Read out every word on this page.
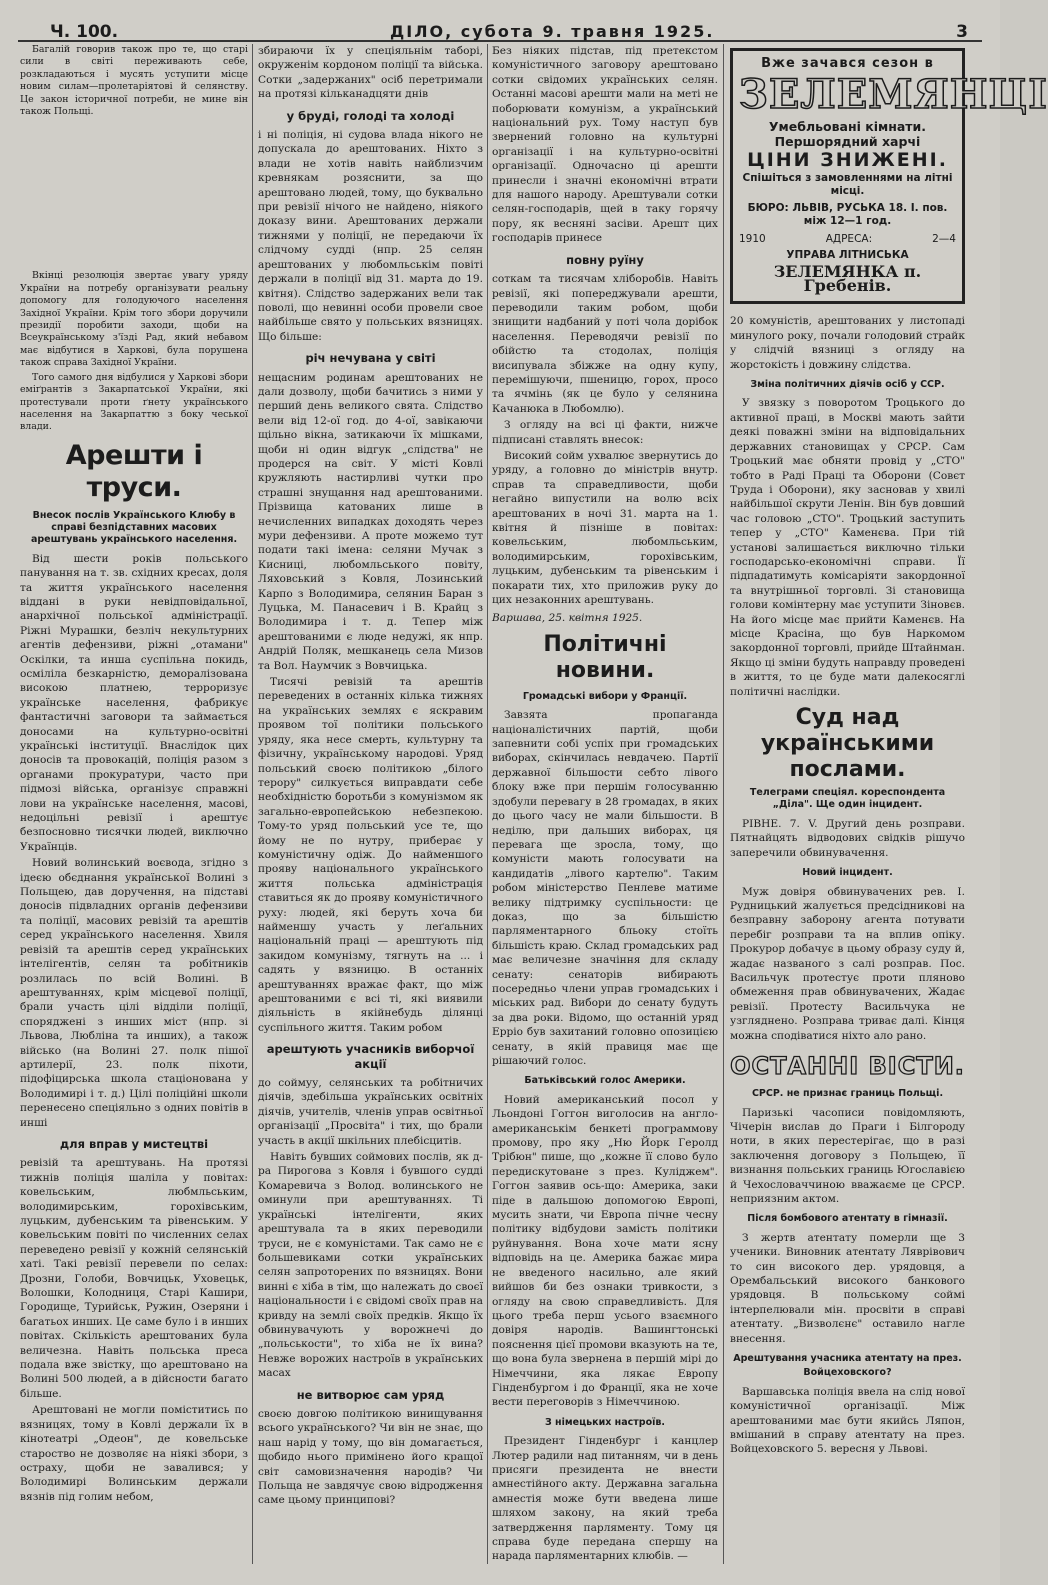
Ч. 100.	ДІЛО, субота 9. травня 1925.	3

Багалій говорив також про те, що старі сили в світі переживають себе, розкладаються і мусять уступити місце новим силам—пролетаріятові й селянству. Це закон історичної потреби, не мине він також Польщі.

Вкінці резолюція звертає увагу уряду України на потребу організувати реальну допомогу для голодуючого населення Західної України. Крім того збори доручили президії поробити заходи, щоби на Всеукраїнському з'їзді Рад, який небавом має відбутися в Харкові, була порушена також справа Західної України.

Того самого дня відбулися у Харкові збори еміґрантів з Закарпатської України, які протестували проти ґнету українського населення на Закарпаттю з боку чеської влади.

Арешти і труси.
Внесок послів Українського Клюбу в справі безпідставних масових арештувань українського населення.

Від шести років польського панування на т. зв. східних кресах, доля та життя українського населення віддані в руки невідповідальної, анархічної польської адміністрації. Ріжні Мурашки, безліч некультурних агентів дефензиви, ріжні „отамани" Оскілки, та инша суспільна покидь, осміліла безкарністю, деморалізована високою платнею, терроризує українське населення, фабрикує фантастичні заговори та займається доносами на культурно-освітні українські інституції. Внаслідок цих доносів та провокацій, поліція разом з органами прокуратури, часто при підмозі війська, організує справжні лови на українське населення, масові, недоцільні ревізії і арештує безпосновно тисячки людей, виключно Українців.

Новий волинський воєвода, згідно з ідеєю обєднання української Волині з Польщею, дав доручення, на підставі доносів підвладних органів дефензиви та поліції, масових ревізій та арештів серед українського населення. Хвиля ревізій та арештів серед українських інтелігентів, селян та робітників розлилась по всій Волині. В арештуваннях, крім місцевої поліції, брали участь цілі відділи поліції, споряджені з инших міст (нпр. зі Львова, Любліна та инших), а також військо (на Волині 27. полк пішої артилерії, 23. полк піхоти, підофіцирська школа стаціонована у Володимирі і т. д.) Цілі поліційні школи перенесено спеціяльно з одних повітів в инші

для вправ у мистецтві

ревізій та арештувань. На протязі тижнів поліція шаліла у повітах: ковельським, любмльським, володимирським, горохівським, луцьким, дубенським та рівенським. У ковельським повіті по численних селах переведено ревізії у кожній селянській хаті. Такі ревізії перевели по селах: Дрозни, Голоби, Вовчицьк, Уховецьк, Волошки, Колодниця, Старі Кашири, Городище, Турийськ, Ружин, Озеряни і багатьох инших. Це саме було і в инших повітах. Скількість арештованих була величезна. Навіть польська преса подала вже звістку, що арештовано на Волині 500 людей, а в дійсности багато більше.

Арештовані не могли поміститись по вязницях, тому в Ковлі держали їх в кінотеатрі „Одеон", де ковельське староство не дозволяє на ніякі збори, з остраху, щоби не завалився; у Володимирі Волинським держали вязнів під голим небом,

збираючи їх у спеціяльнім таборі, окруженім кордоном поліції та війська. Сотки „задержаних" осіб перетримали на протязі кільканадцяти днів

у бруді, голоді та холоді

і ні поліція, ні судова влада нікого не допускала до арештованих. Ніхто з влади не хотів навіть найблизчим кревнякам розяснити, за що арештовано людей, тому, що буквально при ревізії нічого не найдено, ніякого доказу вини. Арештованих держали тижнями у поліції, не передаючи їх слідчому судді (нпр. 25 селян арештованих у любомльськім повіті держали в поліції від 31. марта до 19. квітня). Слідство задержаних вели так поволі, що невинні особи провели свое найбільше свято у польських вязницях. Що більше:

річ нечувана у світі

нещасним родинам арештованих не дали дозволу, щоби бачитись з ними у перший день великого свята. Слідство вели від 12-ої год. до 4-ої, завікаючи щільно вікна, затикаючи їх мішками, щоби ні один відгук „слідства" не продерся на світ. У місті Ковлі кружляють настирливі чутки про страшні знущання над арештованими. Прізвища катованих лише в нечисленних випадках доходять через мури дефензиви. А проте можемо тут подати такі імена: селяни Мучак з Кисниці, любомльського повіту, Ляховський з Ковля, Лозинський Карпо з Володимира, селянин Баран з Луцька, М. Панасевич і В. Крайц з Володимира і т. д. Тепер між арештованими є люде недужі, як нпр. Андрій Поляк, мешканець села Мизов та Вол. Наумчик з Вовчицька.

Тисячі ревізій та арештів переведених в останніх кілька тижнях на українських землях є яскравим проявом тої політики польського уряду, яка несе смерть, культурну та фізичну, українському народові. Уряд польський своєю політикою „білого терору" силкується виправдати себе необхідністю боротьби з комунізмом як загально-европейською небезпекою. Тому-то уряд польський усе те, що йому не по нутру, приберає у комуністичну одіж. До найменшого прояву національного українського життя польська адміністрація ставиться як до прояву комуністичного руху: людей, які беруть хоча би найменшу участь у леґальних національній праці — арештують під закидом комунізму, тягнуть на ... і садять у вязницю. В останніх арештуваннях вражає факт, що між арештованими є всі ті, які виявили діяльність в якійнебудь ділянці суспільного життя. Таким робом

арештують учасників виборчої акції

до соймуу, селянських та робітничих діячів, здебільша українських освітніх діячів, учителів, членів управ освітньої організації „Просвіта" і тих, що брали участь в акції шкільних плебісцитів.

Навіть бувших соймових послів, як д-ра Пирогова з Ковля і бувшого судді Комаревича з Волод. волинського не оминули при арештуваннях. Ті українські інтелігенти, яких арештувала та в яких переводили труси, не є комуністами. Так само не є большевиками сотки українських селян запроторених по вязницях. Вони винні є хіба в тім, що належать до своєї національности і є свідомі своїх прав на кривду на землі своїх предків. Якщо їх обвинувачують у ворожнечі до „польськости", то хіба не їх вина? Невже ворожих настроїв в українських масах

не витворює сам уряд

своєю довгою політикою винищування всього українського? Чи він не знає, що наш нарід у тому, що він домагається, щобидо нього примінено його кращої світ самовизначення народів? Чи Польща не завдячує свою відродження саме цьому принципові?

Без ніяких підстав, під претекстом комуністичного заговору арештовано сотки свідомих українських селян. Останні масові арешти мали на меті не поборювати комунізм, а український національний рух. Тому наступ був звернений головно на культурні організації і на культурно-освітні організації. Одночасно ці арешти принесли і значні економічні втрати для нашого народу. Арештували сотки селян-господарів, щей в таку горячу пору, як весняні засіви. Арешт цих господарів принесе

повну руїну

соткам та тисячам хліборобів. Навіть ревізії, які попереджували арешти, переводили таким робом, щоби знищити надбаний у поті чола дорібок населення. Переводячи ревізії по обійстю та стодолах, поліція висипувала збіжже на одну купу, перемішуючи, пшеницю, горох, просо та ячмінь (як це було у селянина Качанюка в Любомлю).

З огляду на всі ці факти, нижче підписані ставлять внесок:

Високий сойм ухвалює звернутись до уряду, а головно до міністрів внутр. справ та справедливости, щоби негайно випустили на волю всіх арештованих в ночі 31. марта на 1. квітня й пізніше в повітах: ковельським, любомльським, володимирським, горохівським, луцьким, дубенським та рівенським і покарати тих, хто приложив руку до цих незаконних арештувань.

Варшава, 25. квітня 1925.

Політичні новини.
Громадські вибори у Франції.

Завзята пропаганда націоналістичних партій, щоби запевнити собі успіх при громадських виборах, скінчилась невдачею. Партії державної більшости себто лівого блоку вже при першім голосуванню здобули перевагу в 28 громадах, в яких до цього часу не мали більшости. В неділю, при дальших виборах, ця перевага ще зросла, тому, що комуністи мають голосувати на кандидатів „лівого картелю". Таким робом міністерство Пенлеве матиме велику підтримку суспільности: це доказ, що за більшістю парляментарного бльоку стоїть більшість краю. Склад громадських рад має величезне значіння для складу сенату: сенаторів вибирають посередньо члени управ громадських і міських рад. Вибори до сенату будуть за два роки. Відомо, що останній уряд Ерріо був захитаний головно опозицією сенату, в якій правиця має ще рішаючий голос.

Батьківський голос Америки.

Новий американський посол у Льондоні Гоггон виголосив на англо-американськім бенкеті программову промову, про яку „Ню Йорк Геролд Трібюн" пише, що „кожне її слово було передискутоване з през. Куліджем". Гоггон заявив ось-що: Америка, заки піде в дальшою допомогою Европі, мусить знати, чи Европа пічне чесну політику відбудови замість політики руйнування. Вона хоче мати ясну відповідь на це. Америка бажає мира не введеного насильно, але який вийшов би без ознаки тривкости, з огляду на свою справедливість. Для цього треба перш усього взаємного довіря народів. Вашингтонські пояснення цієї промови вказують на те, що вона була звернена в першій мірі до Німеччини, яка лякає Европу Гінденбургом і до Франції, яка не хоче вести переговорів з Німеччиною.

З німецьких настроїв.

Президент Гінденбург і канцлер Лютер радили над питанням, чи в день присяги президента не внести амнестійного акту. Державна загальна амнестія може бути введена лише шляхом закону, на який треба затвердження парляменту. Тому ця справа буде передана спершу на нарада парляментарних клюбів. —

Вже зачався сезон в
ЗЕЛЕМЯНЦІ
Умебльовані кімнати. Першорядний харчі
ЦІНИ ЗНИЖЕНІ.
Спішіться з замовленнями на літні місці.
БЮРО: ЛЬВІВ, РУСЬКА 18. І. пов. між 12—1 год.
1910	АДРЕСА:	2—4
УПРАВА ЛІТНИСЬКА
ЗЕЛЕМЯНКА п. Гребенів.

20 комуністів, арештованих у листопаді минулого року, почали голодовий страйк у слідчій вязниці з огляду на жорстокість і довжину слідства.

Зміна політичних діячів осіб у ССР.

У звязку з поворотом Троцького до активної праці, в Москві мають зайти деякі поважні зміни на відповідальних державних становищах у СРСР. Сам Троцький має обняти провід у „СТО" тобто в Раді Праці та Оборони (Совєт Труда і Оборони), яку засновав у хвилі найбільшої скрути Ленін. Він був довший час головою „СТО". Троцький заступить тепер у „СТО" Каменєва. При тій установі залишається виключно тільки господарсько-економічні справи. Її підпадатимуть комісаріяти закордонної та внутрішньої торговлі. Зі становища голови комінтерну має уступити Зіновєв. На його місце має прийти Каменєв. На місце Красіна, що був Наркомом закордонної торговлі, прийде Штайнман. Якщо ці зміни будуть направду проведені в життя, то це буде мати далекосяглі політичні наслідки.

Суд над українськими послами.
Телеграми спеціял. кореспондента „Діла". Ще один інцидент.

РІВНЕ. 7. V. Другий день розправи. Пятнайцять відводових свідків рішучо заперечили обвинувачення.

Новий інцидент.

Муж довіря обвинувачених рев. І. Рудницький жалується предсідникові на безправну заборону агента потувати перебіг розправи та на вплив опіку. Прокурор добачує в цьому образу суду й, жадає названого з салі розправ. Пос. Васильчук протестує проти пляново обмеження прав обвинувачених, Жадає ревізії. Протесту Васильчука не узгляднено. Розправа триває далі. Кінця можна сподіватися ніхто ало рано.

ОСТАННІ ВІСТИ.
СРСР. не признає границь Польщі.

Паризькі часописи повідомляють, Чічерін вислав до Праги і Білгороду ноти, в яких перестерігає, що в разі заключення договору з Польщею, її визнання польських границь Югославією й Чехословаччиною вважаєме це СРСР. неприязним актом.

Після бомбового атентату в гімназії.

З жертв атентату померли ще 3 ученики. Виновник атентату Ляврівович то син високого дер. урядовця, а Орембальський високого банкового урядовця. В польському соймі інтерпелювали мін. просвіти в справі атентату. „Визволєнє" оставило нагле внесення.

Арештування учасника атентату на през. Войцеховского?

Варшавська поліція ввела на слід нової комуністичної організації. Між арештованими має бути якийсь Ляпон, вмішаний в справу атентату на през. Войцеховского 5. вересня у Львові.
